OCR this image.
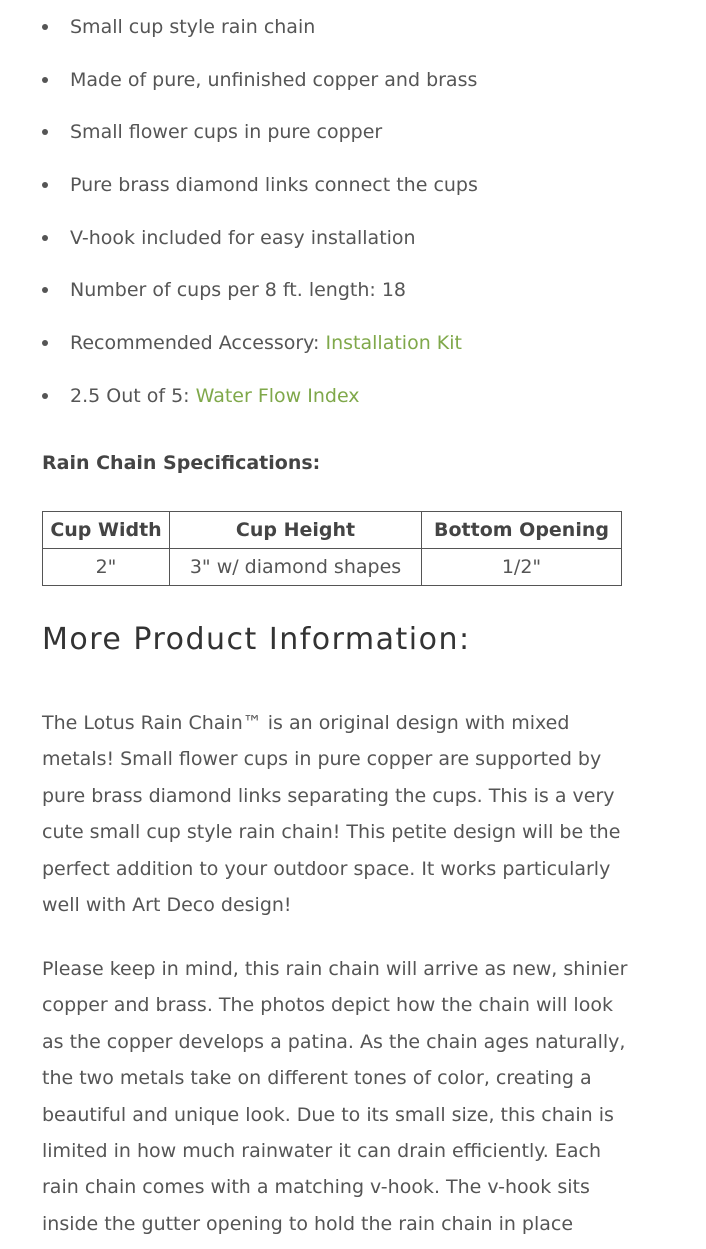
Small cup style rain chain
Made of pure, unfinished copper and brass
Small flower cups in pure copper
Pure brass diamond links connect the cups
V-hook included for easy installation
Number of cups per 8 ft. length: 18
Recommended Accessory: Installation Kit
2.5 Out of 5: Water Flow Index

Rain Chain Specifications:

Cup Width	Cup Height	Bottom Opening
2"	3" w/ diamond shapes	1/2"
More Product Information:

The Lotus Rain Chain™ is an original design with mixed metals! Small flower cups in pure copper are supported by pure brass diamond links separating the cups. This is a very cute small cup style rain chain! This petite design will be the perfect addition to your outdoor space. It works particularly well with Art Deco design!

Please keep in mind, this rain chain will arrive as new, shinier copper and brass. The photos depict how the chain will look as the copper develops a patina. As the chain ages naturally, the two metals take on different tones of color, creating a beautiful and unique look. Due to its small size, this chain is limited in how much rainwater it can drain efficiently. Each rain chain comes with a matching v-hook. The v-hook sits inside the gutter opening to hold the rain chain in place
